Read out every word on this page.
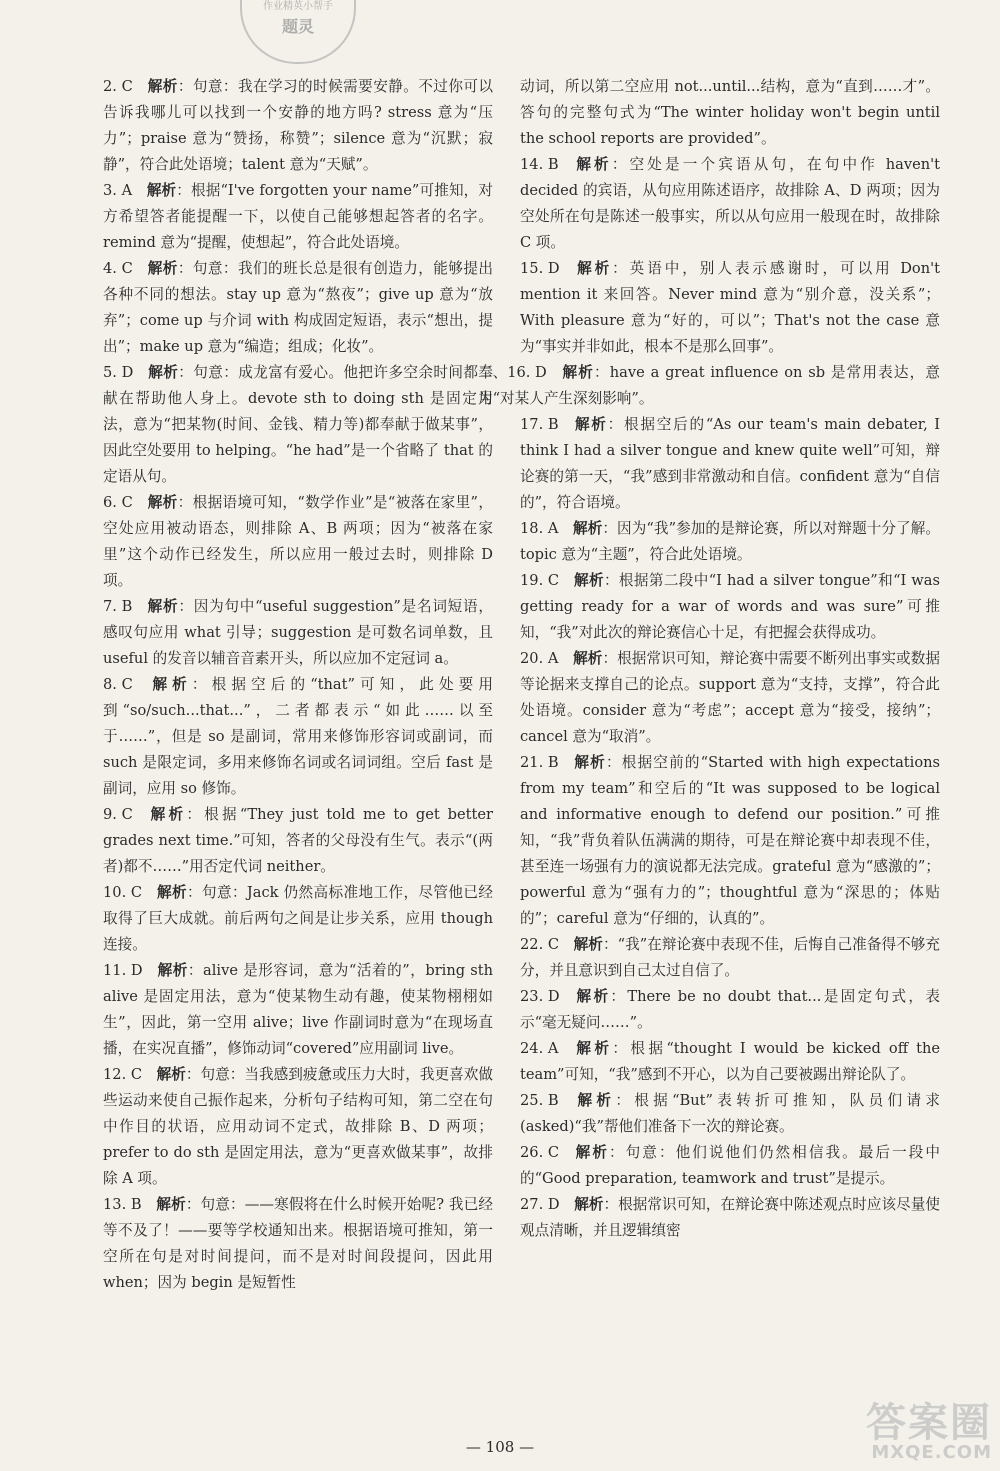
作业精英小帮手
题灵
2. C  解析：句意：我在学习的时候需要安静。不过你可以告诉我哪儿可以找到一个安静的地方吗? stress 意为“压力”；praise 意为“赞扬，称赞”；silence 意为“沉默；寂静”，符合此处语境；talent 意为“天赋”。
3. A  解析：根据“I've forgotten your name”可推知，对方希望答者能提醒一下，以使自己能够想起答者的名字。remind 意为“提醒，使想起”，符合此处语境。
4. C  解析：句意：我们的班长总是很有创造力，能够提出各种不同的想法。stay up 意为“熬夜”；give up 意为“放弃”；come up 与介词 with 构成固定短语，表示“想出，提出”；make up 意为“编造；组成；化妆”。
5. D  解析：句意：成龙富有爱心。他把许多空余时间都奉献在帮助他人身上。devote sth to doing sth 是固定用法，意为“把某物(时间、金钱、精力等)都奉献于做某事”，因此空处要用 to helping。“he had”是一个省略了 that 的定语从句。
6. C  解析：根据语境可知，“数学作业”是“被落在家里”，空处应用被动语态，则排除 A、B 两项；因为“被落在家里”这个动作已经发生，所以应用一般过去时，则排除 D 项。
7. B  解析：因为句中“useful suggestion”是名词短语，感叹句应用 what 引导；suggestion 是可数名词单数，且 useful 的发音以辅音音素开头，所以应加不定冠词 a。
8. C  解析：根据空后的“that”可知，此处要用到“so/such...that...”，二者都表示“如此……以至于……”，但是 so 是副词，常用来修饰形容词或副词，而 such 是限定词，多用来修饰名词或名词词组。空后 fast 是副词，应用 so 修饰。
9. C  解析：根据“They just told me to get better grades next time.”可知，答者的父母没有生气。表示“(两者)都不……”用否定代词 neither。
10. C  解析：句意：Jack 仍然高标准地工作，尽管他已经取得了巨大成就。前后两句之间是让步关系，应用 though 连接。
11. D  解析：alive 是形容词，意为“活着的”，bring sth alive 是固定用法，意为“使某物生动有趣，使某物栩栩如生”，因此，第一空用 alive；live 作副词时意为“在现场直播，在实况直播”，修饰动词“covered”应用副词 live。
12. C  解析：句意：当我感到疲惫或压力大时，我更喜欢做些运动来使自己振作起来，分析句子结构可知，第二空在句中作目的状语，应用动词不定式，故排除 B、D 两项；prefer to do sth 是固定用法，意为“更喜欢做某事”，故排除 A 项。
13. B  解析：句意：——寒假将在什么时候开始呢? 我已经等不及了！——要等学校通知出来。根据语境可推知，第一空所在句是对时间提问，而不是对时间段提问，因此用 when；因为 begin 是短暂性
动词，所以第二空应用 not...until...结构，意为“直到……才”。答句的完整句式为“The winter holiday won't begin until the school reports are provided”。
14. B  解析：空处是一个宾语从句，在句中作 haven't decided 的宾语，从句应用陈述语序，故排除 A、D 两项；因为空处所在句是陈述一般事实，所以从句应用一般现在时，故排除 C 项。
15. D  解析：英语中，别人表示感谢时，可以用 Don't mention it 来回答。Never mind 意为“别介意，没关系”；With pleasure 意为“好的，可以”；That's not the case 意为“事实并非如此，根本不是那么回事”。
二、16. D  解析：have a great influence on sb 是常用表达，意为“对某人产生深刻影响”。
17. B  解析：根据空后的“As our team's main debater, I think I had a silver tongue and knew quite well”可知，辩论赛的第一天，“我”感到非常激动和自信。confident 意为“自信的”，符合语境。
18. A  解析：因为“我”参加的是辩论赛，所以对辩题十分了解。topic 意为“主题”，符合此处语境。
19. C  解析：根据第二段中“I had a silver tongue”和“I was getting ready for a war of words and was sure”可推知，“我”对此次的辩论赛信心十足，有把握会获得成功。
20. A  解析：根据常识可知，辩论赛中需要不断列出事实或数据等论据来支撑自己的论点。support 意为“支持，支撑”，符合此处语境。consider 意为“考虑”；accept 意为“接受，接纳”；cancel 意为“取消”。
21. B  解析：根据空前的“Started with high expectations from my team”和空后的“It was supposed to be logical and informative enough to defend our position.”可推知，“我”背负着队伍满满的期待，可是在辩论赛中却表现不佳，甚至连一场强有力的演说都无法完成。grateful 意为“感激的”；powerful 意为“强有力的”；thoughtful 意为“深思的；体贴的”；careful 意为“仔细的，认真的”。
22. C  解析：“我”在辩论赛中表现不佳，后悔自己准备得不够充分，并且意识到自己太过自信了。
23. D  解析：There be no doubt that...是固定句式，表示“毫无疑问……”。
24. A  解析：根据“thought I would be kicked off the team”可知，“我”感到不开心，以为自己要被踢出辩论队了。
25. B  解析：根据“But”表转折可推知，队员们请求(asked)“我”帮他们准备下一次的辩论赛。
26. C  解析：句意：他们说他们仍然相信我。最后一段中的“Good preparation, teamwork and trust”是提示。
27. D  解析：根据常识可知，在辩论赛中陈述观点时应该尽量使观点清晰，并且逻辑缜密
— 108 —
答案圈
MXQE.COM
